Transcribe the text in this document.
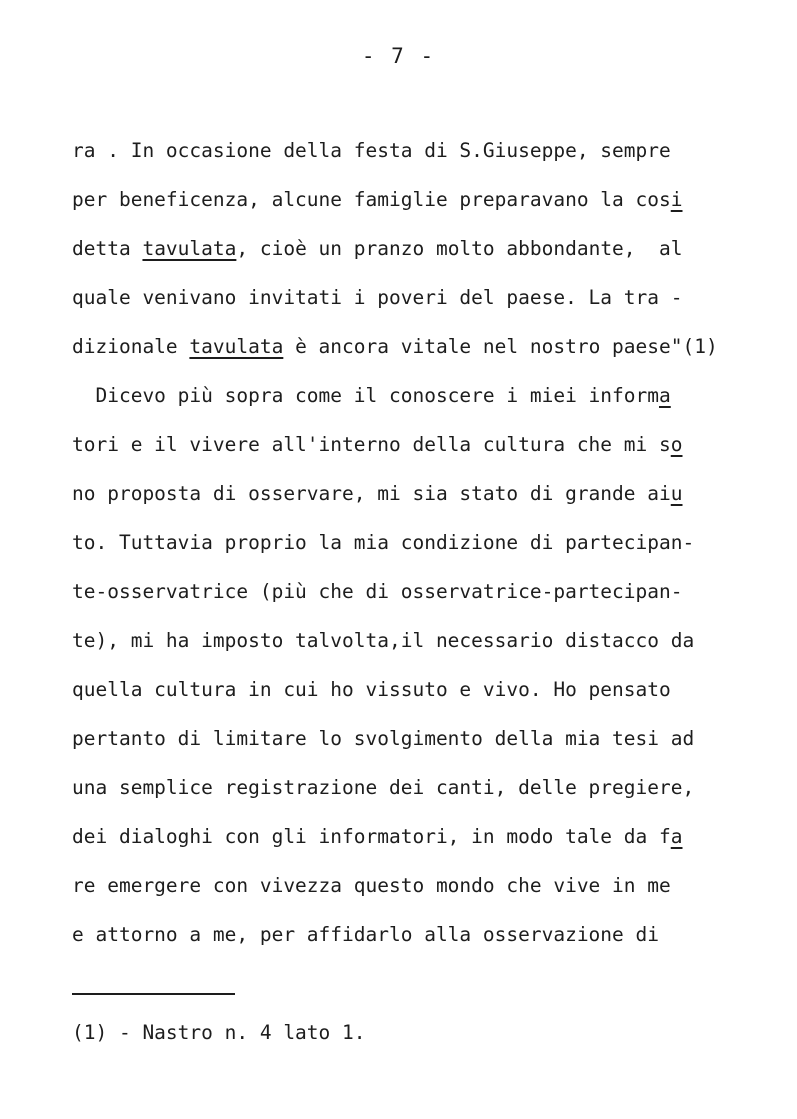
- 7 -
ra . In occasione della festa di S.Giuseppe, sempre
per beneficenza, alcune famiglie preparavano la cosi
detta tavulata, cioè un pranzo molto abbondante,  al
quale venivano invitati i poveri del paese. La tra -
dizionale tavulata è ancora vitale nel nostro paese"(1)
Dicevo più sopra come il conoscere i miei informa
tori e il vivere all'interno della cultura che mi so
no proposta di osservare, mi sia stato di grande aiu
to. Tuttavia proprio la mia condizione di partecipan-
te-osservatrice (più che di osservatrice-partecipan-
te), mi ha imposto talvolta,il necessario distacco da
quella cultura in cui ho vissuto e vivo. Ho pensato
pertanto di limitare lo svolgimento della mia tesi ad
una semplice registrazione dei canti, delle pregiere,
dei dialoghi con gli informatori, in modo tale da fa
re emergere con vivezza questo mondo che vive in me
e attorno a me, per affidarlo alla osservazione di
(1) - Nastro n. 4 lato 1.
